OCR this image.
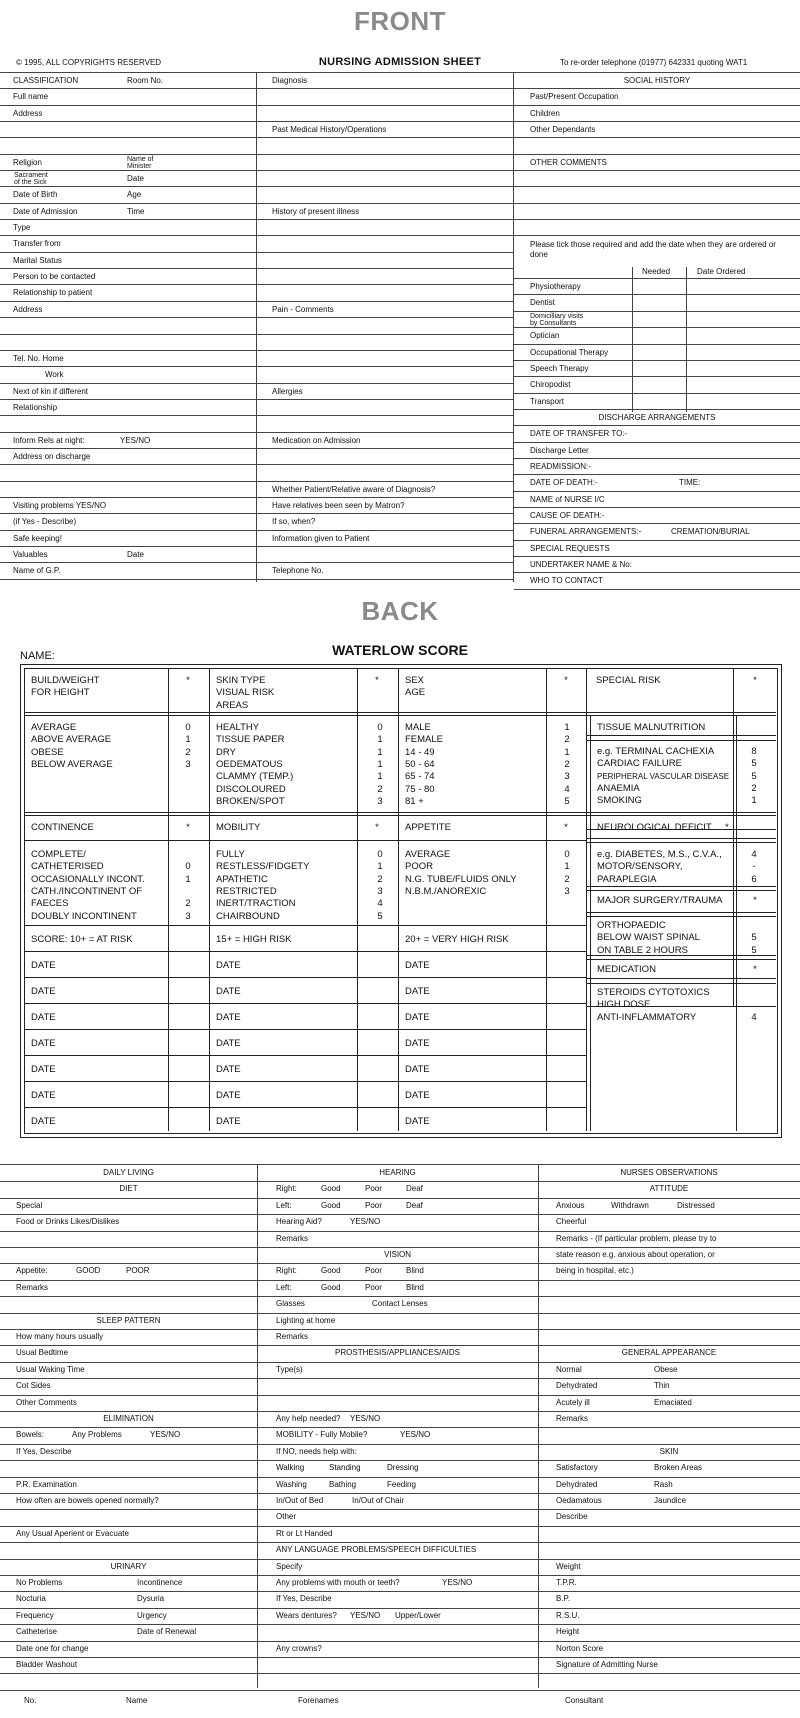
FRONT
© 1995, ALL COPYRIGHTS RESERVED	NURSING ADMISSION SHEET	To re-order telephone (01977) 642331 quoting WAT1
CLASSIFICATION	Room No.
Full name
Address
Religion	Name of
Minister
Sacrament
of the Sick	Date
Date of Birth	Age
Date of Admission	Time
Type
Transfer from
Marital Status
Person to be contacted
Relationship to patient
Address
Tel. No. Home
Work
Next of kin if different
Relationship
Inform Rels at night:	YES/NO
Address on discharge
Visiting problems YES/NO
(if Yes - Describe)
Safe keeping!
Valuables	Date
Name of G.P.
Diagnosis
Past Medical History/Operations
History of present illness
Pain - Comments
Allergies
Medication on Admission
Whether Patient/Relative aware of Diagnosis?
Have relatives been seen by Matron?
If so, when?
Information given to Patient
Telephone No.
SOCIAL HISTORY
Past/Present Occupation
Children
Other Dependants
OTHER COMMENTS
Please tick those required and add the date when they are ordered or done
Needed	Date Ordered
Physiotherapy
Dentist
Domicilliary visits
by Consultants
Optician
Occupational Therapy
Speech Therapy
Chiropodist
Transport
DISCHARGE ARRANGEMENTS
DATE OF TRANSFER TO:-
Discharge Letter
READMISSION:-
DATE OF DEATH:-	TIME:
NAME of NURSE I/C
CAUSE OF DEATH:-
FUNERAL ARRANGEMENTS:-	CREMATION/BURIAL
SPECIAL REQUESTS
UNDERTAKER NAME & No:
WHO TO CONTACT
BACK
NAME:	WATERLOW SCORE
BUILD/WEIGHT
FOR HEIGHT
SKIN TYPE
VISUAL RISK
AREAS
SEX
AGE
SPECIAL RISK
*	*	*	*
AVERAGE	0
ABOVE AVERAGE	1
OBESE	2
BELOW AVERAGE	3
HEALTHY	0
TISSUE PAPER	1
DRY	1
OEDEMATOUS	1
CLAMMY (TEMP.)	1
DISCOLOURED	2
BROKEN/SPOT	3
MALE	1
FEMALE	2
14 - 49	1
50 - 64	2
65 - 74	3
75 - 80	4
81 +	5
TISSUE MALNUTRITION
e.g. TERMINAL CACHEXIA	8
CARDIAC FAILURE	5
PERIPHERAL VASCULAR DISEASE	5
ANAEMIA	2
SMOKING	1
CONTINENCE	MOBILITY	APPETITE	NEUROLOGICAL DEFICIT
*	*	*	*
COMPLETE/
CATHETERISED	0
OCCASIONALLY INCONT.	1
CATH./INCONTINENT OF
FAECES	2
DOUBLY INCONTINENT	3
FULLY	0
RESTLESS/FIDGETY	1
APATHETIC	2
RESTRICTED	3
INERT/TRACTION	4
CHAIRBOUND	5
AVERAGE	0
POOR	1
N.G. TUBE/FLUIDS ONLY	2
N.B.M./ANOREXIC	3
e.g. DIABETES, M.S., C.V.A.,	4
MOTOR/SENSORY,	-
PARAPLEGIA	6
MAJOR SURGERY/TRAUMA	*
ORTHOPAEDIC
BELOW WAIST SPINAL	5
ON TABLE 2 HOURS	5
MEDICATION	*
STEROIDS CYTOTOXICS
HIGH DOSE
ANTI-INFLAMMATORY	4
SCORE: 10+ = AT RISK	15+ = HIGH RISK	20+ = VERY HIGH RISK
DATE	DATE	DATE
DATE	DATE	DATE
DATE	DATE	DATE
DATE	DATE	DATE
DATE	DATE	DATE
DATE	DATE	DATE
DATE	DATE	DATE
DAILY LIVING
DIET
Special
Food or Drinks Likes/Dislikes
Appetite:	GOOD	POOR
Remarks
SLEEP PATTERN
How many hours usually
Usual Bedtime
Usual Waking Time
Cot Sides
Other Comments
ELIMINATION
Bowels:	Any Problems	YES/NO
If Yes, Describe
P.R. Examination
How often are bowels opened normally?
Any Usual Aperient or Evacuate
URINARY
No Problems	Incontinence
Nocturia	Dysuria
Frequency	Urgency
Catheterise	Date of Renewal
Date one for change
Bladder Washout
HEARING
Right:	Good	Poor	Deaf
Left:	Good	Poor	Deaf
Hearing Aid?	YES/NO
Remarks
VISION
Right:	Good	Poor	Blind
Left:	Good	Poor	Blind
Glasses	Contact Lenses
Lighting at home
Remarks
PROSTHESIS/APPLIANCES/AIDS
Type(s)
Any help needed? YES/NO
MOBILITY - Fully Mobile?	YES/NO
If NO, needs help with:
Walking	Standing	Dressing
Washing	Bathing	Feeding
In/Out of Bed	In/Out of Chair
Other
Rt or Lt Handed
ANY LANGUAGE PROBLEMS/SPEECH DIFFICULTIES
Specify
Any problems with mouth or teeth?	YES/NO
If Yes, Describe
Wears dentures? YES/NO Upper/Lower
Any crowns?
NURSES OBSERVATIONS
ATTITUDE
Anxious	Withdrawn	Distressed
Cheerful
Remarks - (If particular problem, please try to
state reason e.g. anxious about operation, or
being in hospital, etc.)
GENERAL APPEARANCE
Normal	Obese
Dehydrated	Thin
Acutely ill	Emaciated
Remarks
SKIN
Satisfactory	Broken Areas
Dehydrated	Rash
Oedamatous	Jaundice
Describe
Weight
T.P.R.
B.P.
R.S.U.
Height
Norton Score
Signature of Admitting Nurse
No.	Name	Forenames	Consultant
